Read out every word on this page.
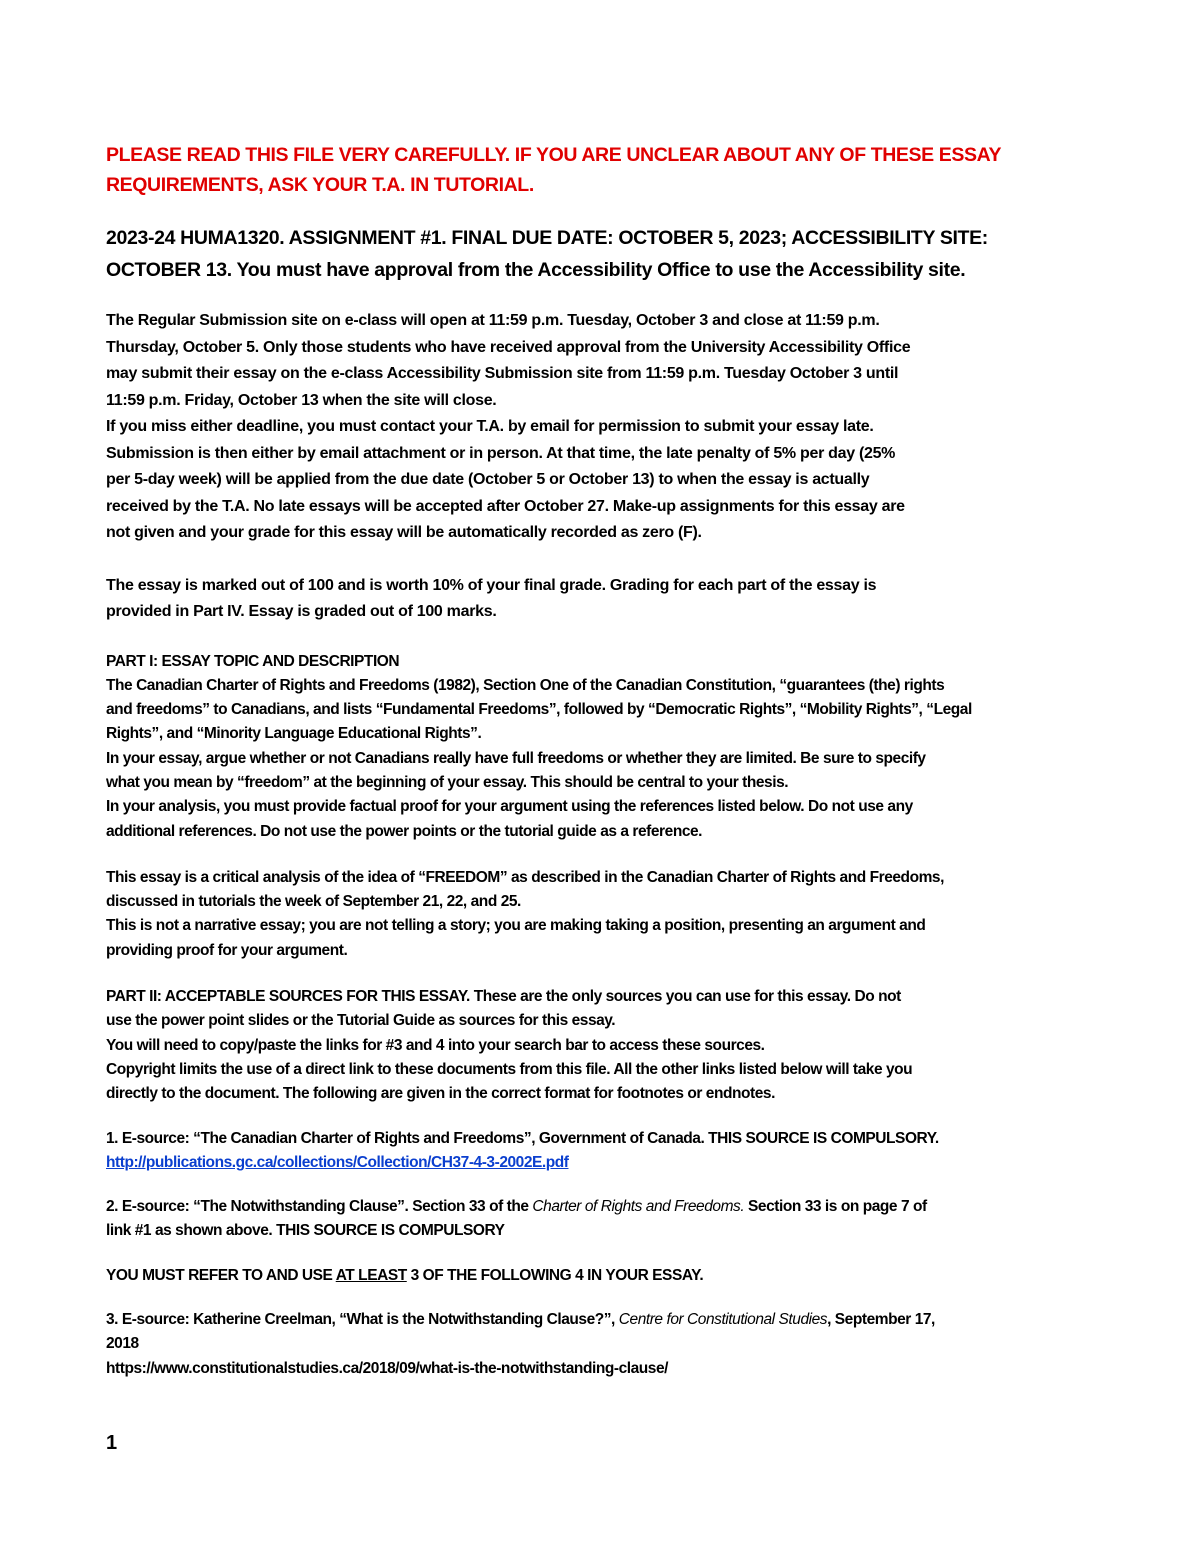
PLEASE READ THIS FILE VERY CAREFULLY. IF YOU ARE UNCLEAR ABOUT ANY OF THESE ESSAY
REQUIREMENTS, ASK YOUR T.A. IN TUTORIAL.
2023-24 HUMA1320. ASSIGNMENT #1. FINAL DUE DATE: OCTOBER 5, 2023; ACCESSIBILITY SITE:
OCTOBER 13. You must have approval from the Accessibility Office to use the Accessibility site.
The Regular Submission site on e-class will open at 11:59 p.m. Tuesday, October 3 and close at 11:59 p.m.
Thursday, October 5. Only those students who have received approval from the University Accessibility Office
may submit their essay on the e-class Accessibility Submission site from 11:59 p.m. Tuesday October 3 until
11:59 p.m. Friday, October 13 when the site will close.
If you miss either deadline, you must contact your T.A. by email for permission to submit your essay late.
Submission is then either by email attachment or in person. At that time, the late penalty of 5% per day (25%
per 5-day week) will be applied from the due date (October 5 or October 13) to when the essay is actually
received by the T.A. No late essays will be accepted after October 27. Make-up assignments for this essay are
not given and your grade for this essay will be automatically recorded as zero (F).
The essay is marked out of 100 and is worth 10% of your final grade. Grading for each part of the essay is
provided in Part IV. Essay is graded out of 100 marks.
PART I: ESSAY TOPIC AND DESCRIPTION
The Canadian Charter of Rights and Freedoms (1982), Section One of the Canadian Constitution, “guarantees (the) rights
and freedoms” to Canadians, and lists “Fundamental Freedoms”, followed by “Democratic Rights”, “Mobility Rights”, “Legal
Rights”, and “Minority Language Educational Rights”.
In your essay, argue whether or not Canadians really have full freedoms or whether they are limited. Be sure to specify
what you mean by “freedom” at the beginning of your essay. This should be central to your thesis.
In your analysis, you must provide factual proof for your argument using the references listed below. Do not use any
additional references. Do not use the power points or the tutorial guide as a reference.
This essay is a critical analysis of the idea of “FREEDOM” as described in the Canadian Charter of Rights and Freedoms,
discussed in tutorials the week of September 21, 22, and 25.
This is not a narrative essay; you are not telling a story; you are making taking a position, presenting an argument and
providing proof for your argument.
PART II: ACCEPTABLE SOURCES FOR THIS ESSAY. These are the only sources you can use for this essay. Do not
use the power point slides or the Tutorial Guide as sources for this essay.
You will need to copy/paste the links for #3 and 4 into your search bar to access these sources.
Copyright limits the use of a direct link to these documents from this file. All the other links listed below will take you
directly to the document. The following are given in the correct format for footnotes or endnotes.
1. E-source: “The Canadian Charter of Rights and Freedoms”, Government of Canada. THIS SOURCE IS COMPULSORY.
http://publications.gc.ca/collections/Collection/CH37-4-3-2002E.pdf
2. E-source: “The Notwithstanding Clause”. Section 33 of the Charter of Rights and Freedoms. Section 33 is on page 7 of
link #1 as shown above. THIS SOURCE IS COMPULSORY
YOU MUST REFER TO AND USE AT LEAST 3 OF THE FOLLOWING 4 IN YOUR ESSAY.
3. E-source: Katherine Creelman, “What is the Notwithstanding Clause?”, Centre for Constitutional Studies, September 17,
2018
https://www.constitutionalstudies.ca/2018/09/what-is-the-notwithstanding-clause/
1
